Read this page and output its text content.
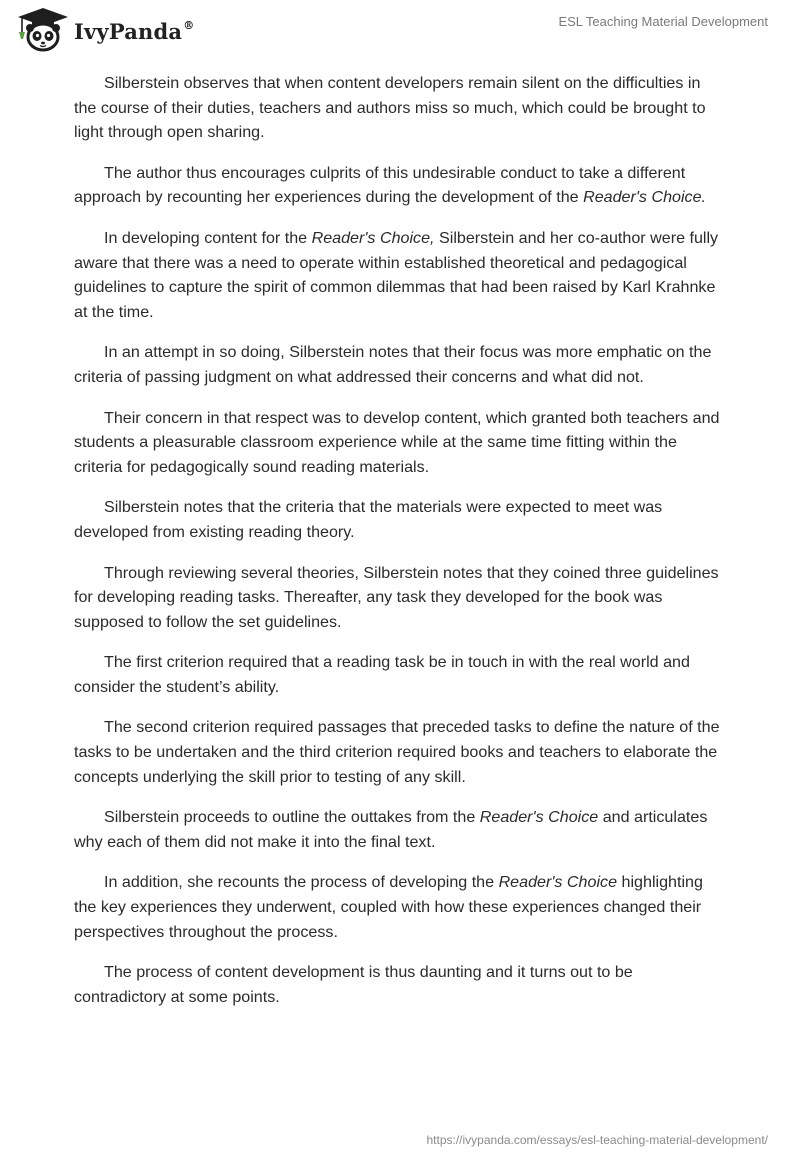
IvyPanda®	ESL Teaching Material Development

Silberstein observes that when content developers remain silent on the difficulties in the course of their duties, teachers and authors miss so much, which could be brought to light through open sharing.

The author thus encourages culprits of this undesirable conduct to take a different approach by recounting her experiences during the development of the Reader's Choice.

In developing content for the Reader's Choice, Silberstein and her co-author were fully aware that there was a need to operate within established theoretical and pedagogical guidelines to capture the spirit of common dilemmas that had been raised by Karl Krahnke at the time.

In an attempt in so doing, Silberstein notes that their focus was more emphatic on the criteria of passing judgment on what addressed their concerns and what did not.

Their concern in that respect was to develop content, which granted both teachers and students a pleasurable classroom experience while at the same time fitting within the criteria for pedagogically sound reading materials.

Silberstein notes that the criteria that the materials were expected to meet was developed from existing reading theory.

Through reviewing several theories, Silberstein notes that they coined three guidelines for developing reading tasks. Thereafter, any task they developed for the book was supposed to follow the set guidelines.

The first criterion required that a reading task be in touch in with the real world and consider the student’s ability.

The second criterion required passages that preceded tasks to define the nature of the tasks to be undertaken and the third criterion required books and teachers to elaborate the concepts underlying the skill prior to testing of any skill.

Silberstein proceeds to outline the outtakes from the Reader's Choice and articulates why each of them did not make it into the final text.

In addition, she recounts the process of developing the Reader's Choice highlighting the key experiences they underwent, coupled with how these experiences changed their perspectives throughout the process.

The process of content development is thus daunting and it turns out to be contradictory at some points.

https://ivypanda.com/essays/esl-teaching-material-development/
